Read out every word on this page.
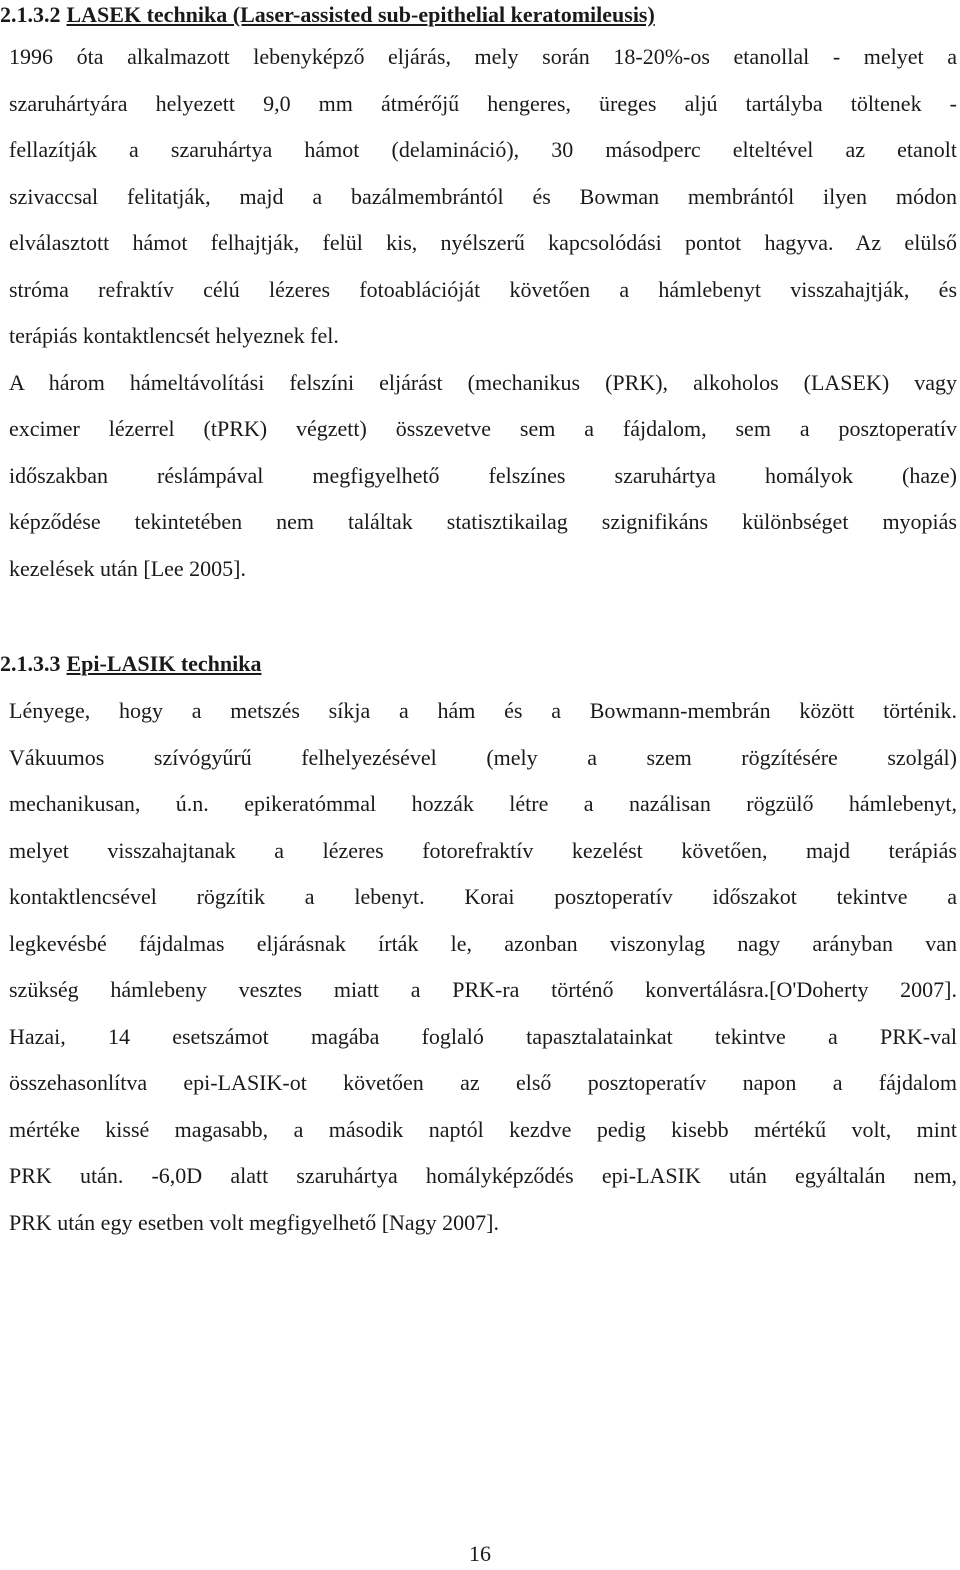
2.1.3.2 LASEK technika (Laser-assisted sub-epithelial keratomileusis)
1996 óta alkalmazott lebenyképző eljárás, mely során 18-20%-os etanollal - melyet a
szaruhártyára helyezett 9,0 mm átmérőjű hengeres, üreges aljú tartályba töltenek -
fellazítják a szaruhártya hámot (delamináció), 30 másodperc elteltével az etanolt
szivaccsal felitatják, majd a bazálmembrántól és Bowman membrántól ilyen módon
elválasztott hámot felhajtják, felül kis, nyélszerű kapcsolódási pontot hagyva. Az elülső
stróma refraktív célú lézeres fotoablációját követően a hámlebenyt visszahajtják, és
terápiás kontaktlencsét helyeznek fel.
A három hámeltávolítási felszíni eljárást (mechanikus (PRK), alkoholos (LASEK) vagy
excimer lézerrel (tPRK) végzett) összevetve sem a fájdalom, sem a posztoperatív
időszakban réslámpával megfigyelhető felszínes szaruhártya homályok (haze)
képződése tekintetében nem találtak statisztikailag szignifikáns különbséget myopiás
kezelések után [Lee 2005].
2.1.3.3 Epi-LASIK technika
Lényege, hogy a metszés síkja a hám és a Bowmann-membrán között történik.
Vákuumos szívógyűrű felhelyezésével (mely a szem rögzítésére szolgál)
mechanikusan, ú.n. epikeratómmal hozzák létre a nazálisan rögzülő hámlebenyt,
melyet visszahajtanak a lézeres fotorefraktív kezelést követően, majd terápiás
kontaktlencsével rögzítik a lebenyt. Korai posztoperatív időszakot tekintve a
legkevésbé fájdalmas eljárásnak írták le, azonban viszonylag nagy arányban van
szükség hámlebeny vesztes miatt a PRK-ra történő konvertálásra.[O'Doherty 2007].
Hazai, 14 esetszámot magába foglaló tapasztalatainkat tekintve a PRK-val
összehasonlítva epi-LASIK-ot követően az első posztoperatív napon a fájdalom
mértéke kissé magasabb, a második naptól kezdve pedig kisebb mértékű volt, mint
PRK után. -6,0D alatt szaruhártya homályképződés epi-LASIK után egyáltalán nem,
PRK után egy esetben volt megfigyelhető [Nagy 2007].
16
